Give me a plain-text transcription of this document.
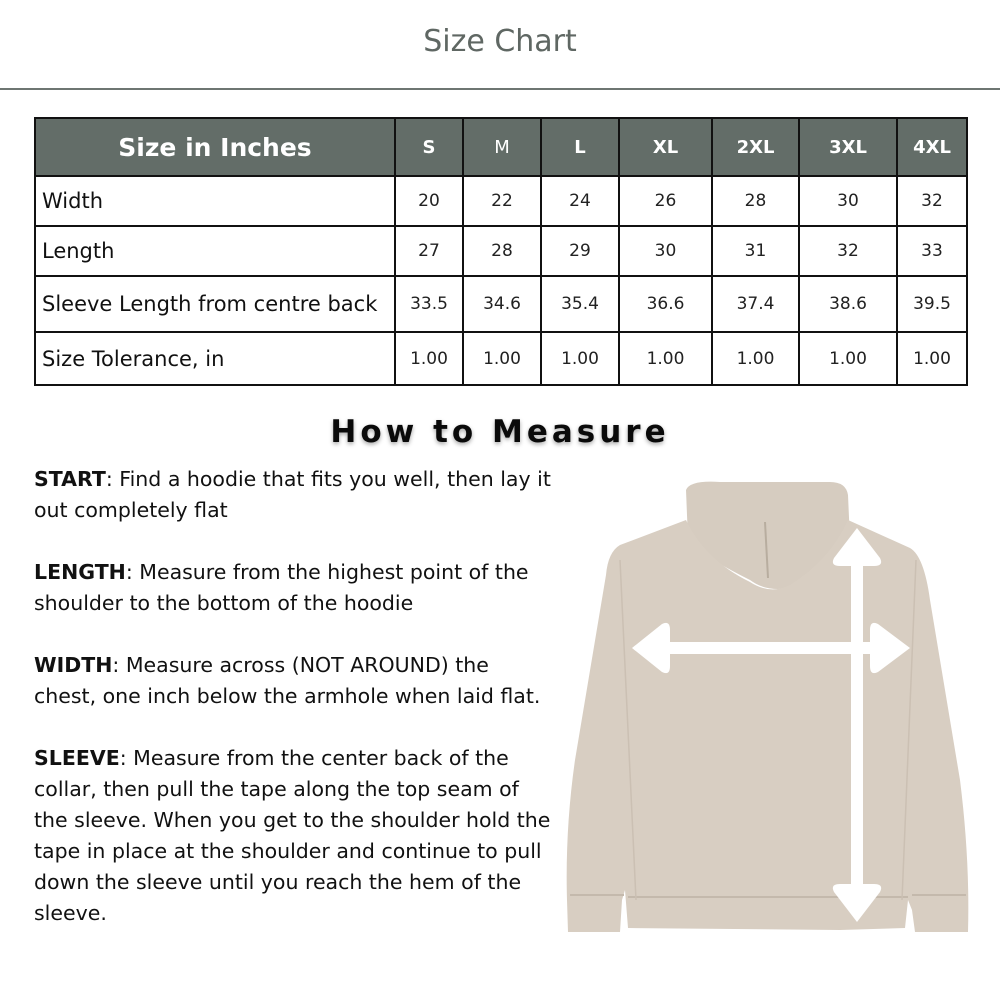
Size Chart
Size in Inches	S	M	L	XL	2XL	3XL	4XL
Width	20	22	24	26	28	30	32
Length	27	28	29	30	31	32	33
Sleeve Length from centre back	33.5	34.6	35.4	36.6	37.4	38.6	39.5
Size Tolerance, in	1.00	1.00	1.00	1.00	1.00	1.00	1.00
How to Measure

START: Find a hoodie that fits you well, then lay it out completely flat

LENGTH: Measure from the highest point of the shoulder to the bottom of the hoodie

WIDTH: Measure across (NOT AROUND) the chest, one inch below the armhole when laid flat.

SLEEVE: Measure from the center back of the collar, then pull the tape along the top seam of the sleeve. When you get to the shoulder hold the tape in place at the shoulder and continue to pull down the sleeve until you reach the hem of the sleeve.
